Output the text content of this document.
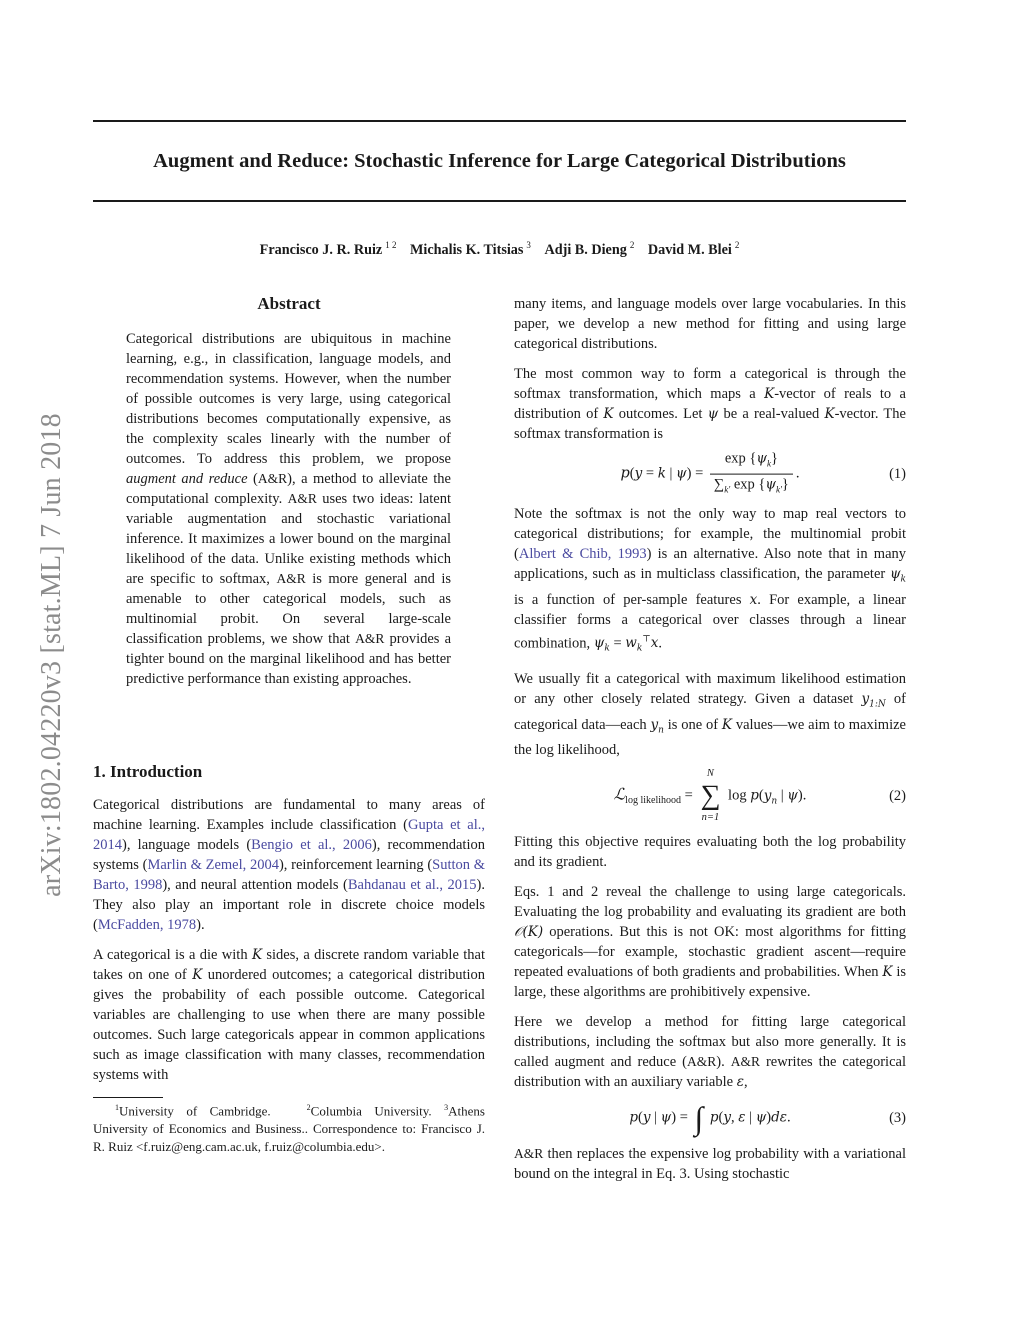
Augment and Reduce: Stochastic Inference for Large Categorical Distributions
Francisco J. R. Ruiz $^{1 2}$ Michalis K. Titsias $^3$ Adji B. Dieng $^2$ David M. Blei $^2$
arXiv:1802.04220v3 [stat.ML] 7 Jun 2018
Abstract
Categorical distributions are ubiquitous in machine learning, e.g., in classification, language models, and recommendation systems. However, when the number of possible outcomes is very large, using categorical distributions becomes computationally expensive, as the complexity scales linearly with the number of outcomes. To address this problem, we propose augment and reduce (A&R), a method to alleviate the computational complexity. A&R uses two ideas: latent variable augmentation and stochastic variational inference. It maximizes a lower bound on the marginal likelihood of the data. Unlike existing methods which are specific to softmax, A&R is more general and is amenable to other categorical models, such as multinomial probit. On several large-scale classification problems, we show that A&R provides a tighter bound on the marginal likelihood and has better predictive performance than existing approaches.
1. Introduction

Categorical distributions are fundamental to many areas of machine learning. Examples include classification (Gupta et al., 2014), language models (Bengio et al., 2006), recommendation systems (Marlin & Zemel, 2004), reinforcement learning (Sutton & Barto, 1998), and neural attention models (Bahdanau et al., 2015). They also play an important role in discrete choice models (McFadden, 1978).

A categorical is a die with K sides, a discrete random variable that takes on one of K unordered outcomes; a categorical distribution gives the probability of each possible outcome. Categorical variables are challenging to use when there are many possible outcomes. Such large categoricals appear in common applications such as image classification with many classes, recommendation systems with

$^1$University of Cambridge.	$^2$Columbia University. $^3$Athens University of Economics and Business.. Correspondence to: Francisco J. R. Ruiz <f.ruiz@eng.cam.ac.uk, f.ruiz@columbia.edu>.

many items, and language models over large vocabularies. In this paper, we develop a new method for fitting and using large categorical distributions.

The most common way to form a categorical is through the softmax transformation, which maps a K-vector of reals to a distribution of K outcomes. Let ψ be a real-valued K-vector. The softmax transformation is

p(y = k | $\psi) = \frac{\exp \{\psi_k\}}{\sum_{k'} \exp \{\psi_{k'}\}}$ .	(1)

Note the softmax is not the only way to map real vectors to categorical distributions; for example, the multinomial probit (Albert & Chib, 1993) is an alternative. Also note that in many applications, such as in multiclass classification, the parameter $\psi_k$ is a function of per-sample features x. For example, a linear classifier forms a categorical over classes through a linear combination, $\psi_k = w_k^⊤x$.

We usually fit a categorical with maximum likelihood estimation or any other closely related strategy. Given a dataset $y_{1:N}$ of categorical data—each $y_n$ is one of K values—we aim to maximize the log likelihood,

ℒ$_{log likelihood}$ =
N
∑
n=1
$\log p(y_n$ | ψ).	(2)

Fitting this objective requires evaluating both the log probability and its gradient.

Eqs. 1 and 2 reveal the challenge to using large categoricals. Evaluating the log probability and evaluating its gradient are both 𝒪(K) operations. But this is not OK: most algorithms for fitting categoricals—for example, stochastic gradient ascent—require repeated evaluations of both gradients and probabilities. When K is large, these algorithms are prohibitively expensive.

Here we develop a method for fitting large categorical distributions, including the softmax but also more generally. It is called augment and reduce (A&R). A&R rewrites the categorical distribution with an auxiliary variable ε,

p(y | ψ) = ∫ p(y, ε | ψ)dε.	(3)

A&R then replaces the expensive log probability with a variational bound on the integral in Eq. 3. Using stochastic
